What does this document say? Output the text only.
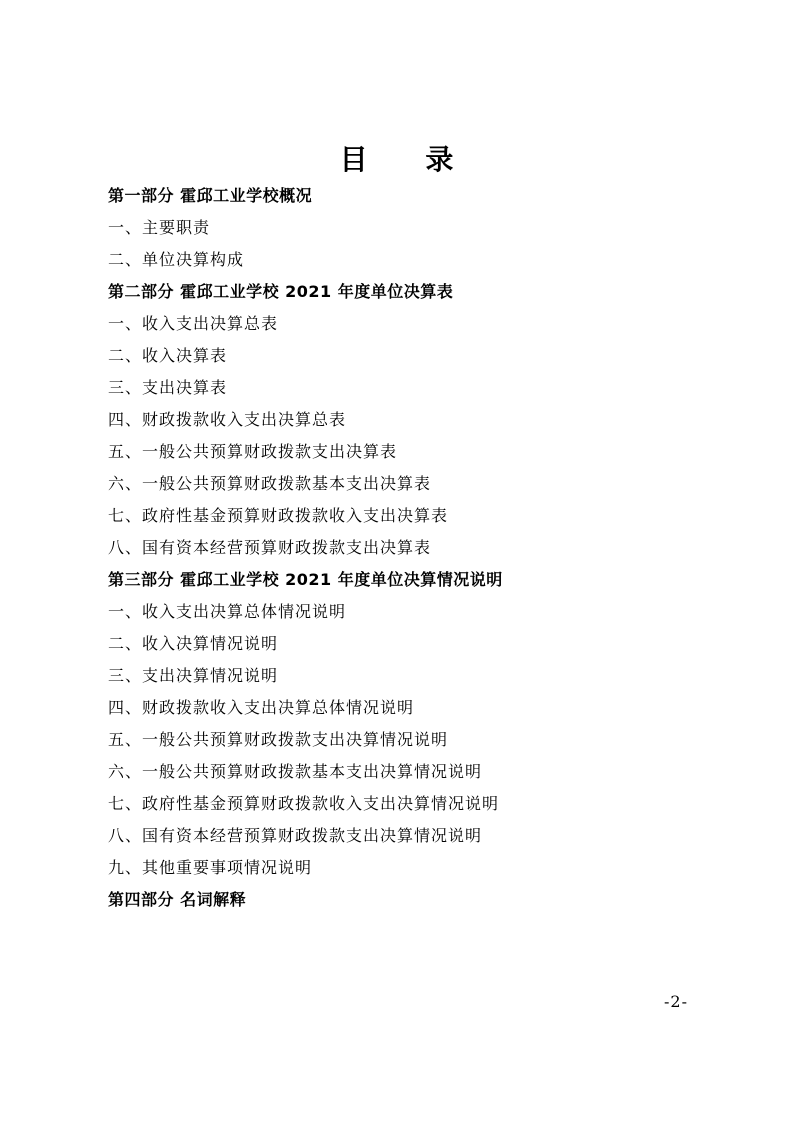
目 录
第一部分 霍邱工业学校概况
一、主要职责
二、单位决算构成
第二部分 霍邱工业学校 2021 年度单位决算表
一、收入支出决算总表
二、收入决算表
三、支出决算表
四、财政拨款收入支出决算总表
五、一般公共预算财政拨款支出决算表
六、一般公共预算财政拨款基本支出决算表
七、政府性基金预算财政拨款收入支出决算表
八、国有资本经营预算财政拨款支出决算表
第三部分 霍邱工业学校 2021 年度单位决算情况说明
一、收入支出决算总体情况说明
二、收入决算情况说明
三、支出决算情况说明
四、财政拨款收入支出决算总体情况说明
五、一般公共预算财政拨款支出决算情况说明
六、一般公共预算财政拨款基本支出决算情况说明
七、政府性基金预算财政拨款收入支出决算情况说明
八、国有资本经营预算财政拨款支出决算情况说明
九、其他重要事项情况说明
第四部分 名词解释
-2-
